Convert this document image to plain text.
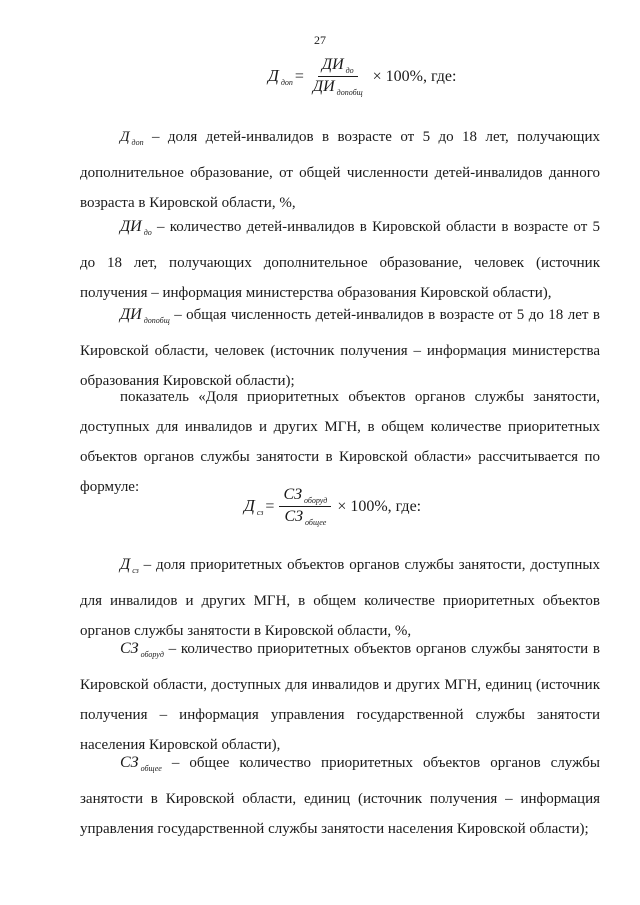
27
Д $_{доп} = \frac{ДИ _{до}}{ДИ _{допобщ}} \times 100\%$, где:

Д $_{доп}$ – доля детей-инвалидов в возрасте от 5 до 18 лет, получающих дополнительное образование, от общей численности детей-инвалидов данного возраста в Кировской области, %,

ДИ $_{до}$ – количество детей-инвалидов в Кировской области в возрасте от 5 до 18 лет, получающих дополнительное образование, человек (источник получения – информация министерства образования Кировской области),

ДИ $_{допобщ}$ – общая численность детей-инвалидов в возрасте от 5 до 18 лет в Кировской области, человек (источник получения – информация министерства образования Кировской области);

показатель «Доля приоритетных объектов органов службы занятости, доступных для инвалидов и других МГН, в общем количестве приоритетных объектов органов службы занятости в Кировской области» рассчитывается по формуле:

Д $_{сз} = \frac{СЗ _{оборуд}}{СЗ _{общее}} \times 100\%$, где:

Д $_{сз}$ – доля приоритетных объектов органов службы занятости, доступных для инвалидов и других МГН, в общем количестве приоритетных объектов органов службы занятости в Кировской области, %,

СЗ $_{оборуд}$ – количество приоритетных объектов органов службы занятости в Кировской области, доступных для инвалидов и других МГН, единиц (источник получения – информация управления государственной службы занятости населения Кировской области),

СЗ $_{общее}$ – общее количество приоритетных объектов органов службы занятости в Кировской области, единиц (источник получения – информация управления государственной службы занятости населения Кировской области);
